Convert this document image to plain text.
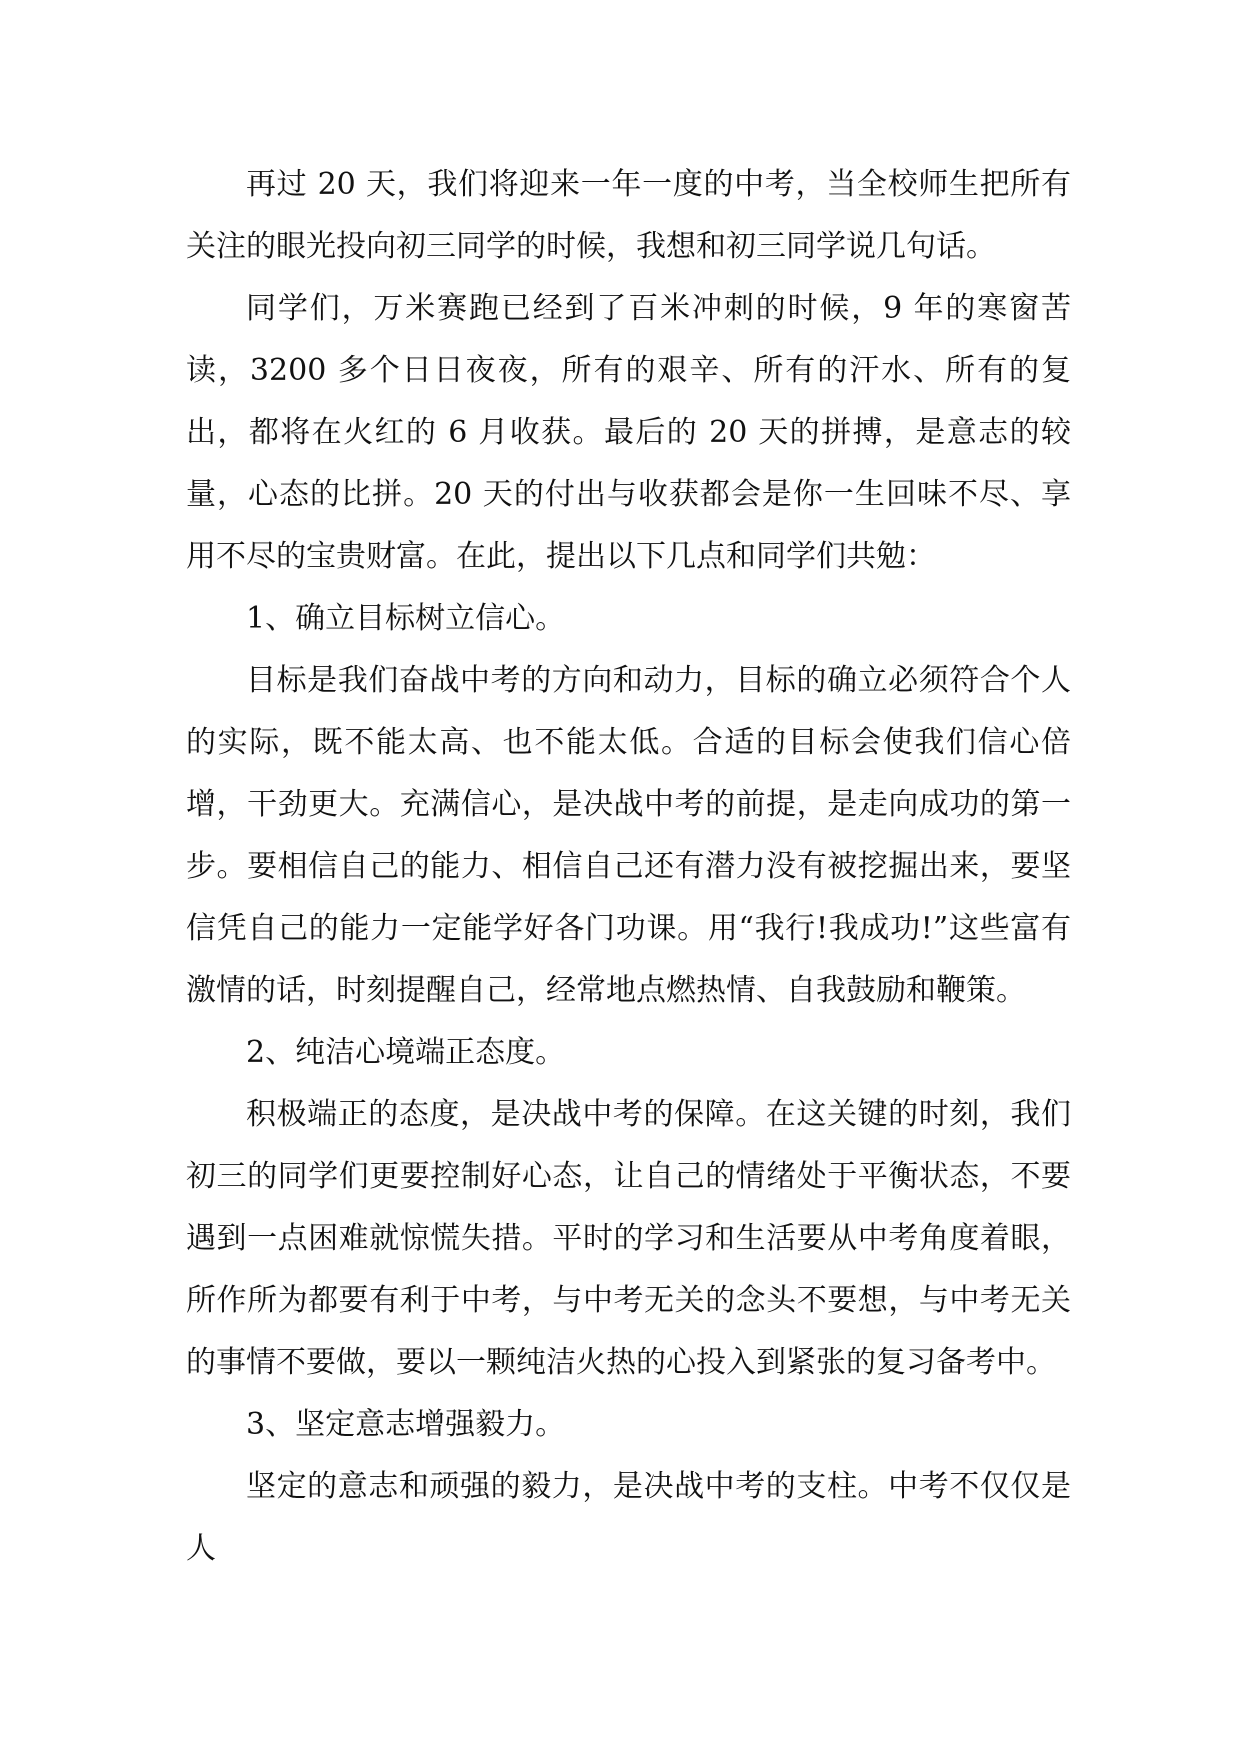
再过 20 天，我们将迎来一年一度的中考，当全校师生把所有关注的眼光投向初三同学的时候，我想和初三同学说几句话。

同学们，万米赛跑已经到了百米冲刺的时候，9 年的寒窗苦读，3200 多个日日夜夜，所有的艰辛、所有的汗水、所有的复出，都将在火红的 6 月收获。最后的 20 天的拼搏，是意志的较量，心态的比拼。20 天的付出与收获都会是你一生回味不尽、享用不尽的宝贵财富。在此，提出以下几点和同学们共勉：

1、确立目标树立信心。

目标是我们奋战中考的方向和动力，目标的确立必须符合个人的实际，既不能太高、也不能太低。合适的目标会使我们信心倍增，干劲更大。充满信心，是决战中考的前提，是走向成功的第一步。要相信自己的能力、相信自己还有潜力没有被挖掘出来，要坚信凭自己的能力一定能学好各门功课。用“我行!我成功!”这些富有激情的话，时刻提醒自己，经常地点燃热情、自我鼓励和鞭策。

2、纯洁心境端正态度。

积极端正的态度，是决战中考的保障。在这关键的时刻，我们初三的同学们更要控制好心态，让自己的情绪处于平衡状态，不要遇到一点困难就惊慌失措。平时的学习和生活要从中考角度着眼，所作所为都要有利于中考，与中考无关的念头不要想，与中考无关的事情不要做，要以一颗纯洁火热的心投入到紧张的复习备考中。

3、坚定意志增强毅力。

坚定的意志和顽强的毅力，是决战中考的支柱。中考不仅仅是人
